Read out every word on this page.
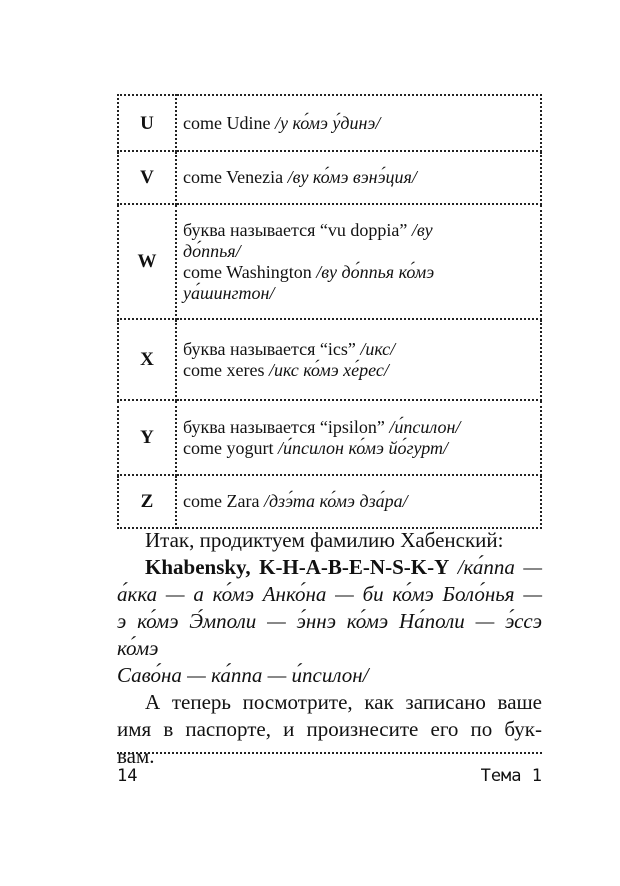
U	come Udine /у ко́мэ у́динэ/

V	come Venezia /ву ко́мэ вэнэ́ция/

W	буква называется “vu doppia” /ву
до́ппья/
come Washington /ву до́ппья ко́мэ
уа́шингтон/

X	буква называется “ics” /икс/
come xeres /икс ко́мэ хе́рес/

Y	буква называется “ipsilon” /и́псилон/
come yogurt /и́псилон ко́мэ йо́гурт/

Z	come Zara /дзэ́та ко́мэ дза́ра/
Итак, продиктуем фамилию Хабенский:
Khabensky, K-H-A-B-E-N-S-K-Y /ка́ппа —
а́кка — а ко́мэ Анко́на — би ко́мэ Боло́нья —
э ко́мэ Э́мполи — э́ннэ ко́мэ На́поли — э́ссэ ко́мэ
Саво́на — ка́ппа — и́псилон/
А теперь посмотрите, как записано ваше
имя в паспорте, и произнесите его по бук-
вам.
14	Тема 1
